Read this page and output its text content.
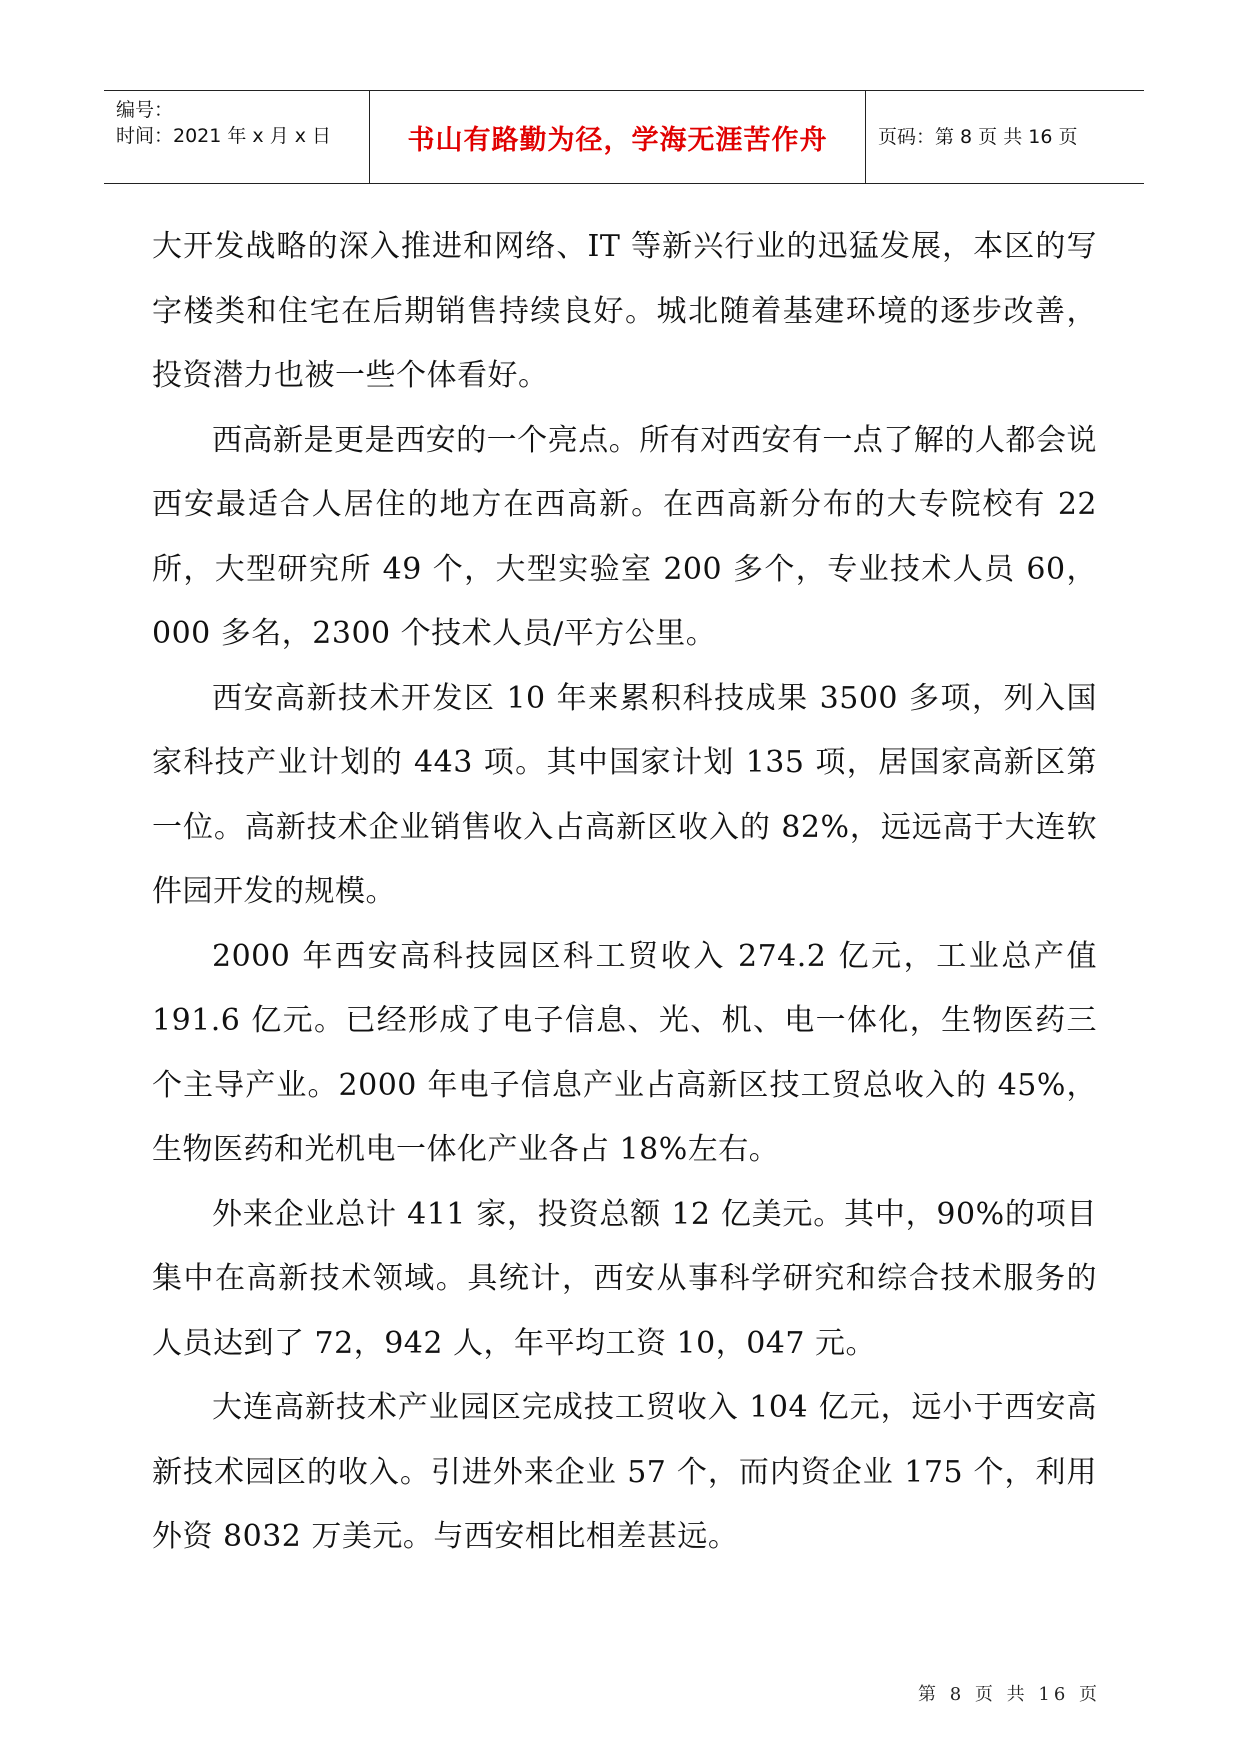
编号：
时间：2021 年 x 月 x 日	书山有路勤为径，学海无涯苦作舟	页码：第 8 页 共 16 页

大开发战略的深入推进和网络、IT 等新兴行业的迅猛发展，本区的写字楼类和住宅在后期销售持续良好。城北随着基建环境的逐步改善，投资潜力也被一些个体看好。

西高新是更是西安的一个亮点。所有对西安有一点了解的人都会说西安最适合人居住的地方在西高新。在西高新分布的大专院校有 22 所，大型研究所 49 个，大型实验室 200 多个，专业技术人员 60，000 多名，2300 个技术人员/平方公里。

西安高新技术开发区 10 年来累积科技成果 3500 多项，列入国家科技产业计划的 443 项。其中国家计划 135 项，居国家高新区第一位。高新技术企业销售收入占高新区收入的 82%，远远高于大连软件园开发的规模。

2000 年西安高科技园区科工贸收入 274.2 亿元，工业总产值 191.6 亿元。已经形成了电子信息、光、机、电一体化，生物医药三个主导产业。2000 年电子信息产业占高新区技工贸总收入的 45%，生物医药和光机电一体化产业各占 18%左右。

外来企业总计 411 家，投资总额 12 亿美元。其中，90%的项目集中在高新技术领域。具统计，西安从事科学研究和综合技术服务的人员达到了 72，942 人，年平均工资 10，047 元。

大连高新技术产业园区完成技工贸收入 104 亿元，远小于西安高新技术园区的收入。引进外来企业 57 个，而内资企业 175 个，利用外资 8032 万美元。与西安相比相差甚远。

第 8 页 共 16 页
